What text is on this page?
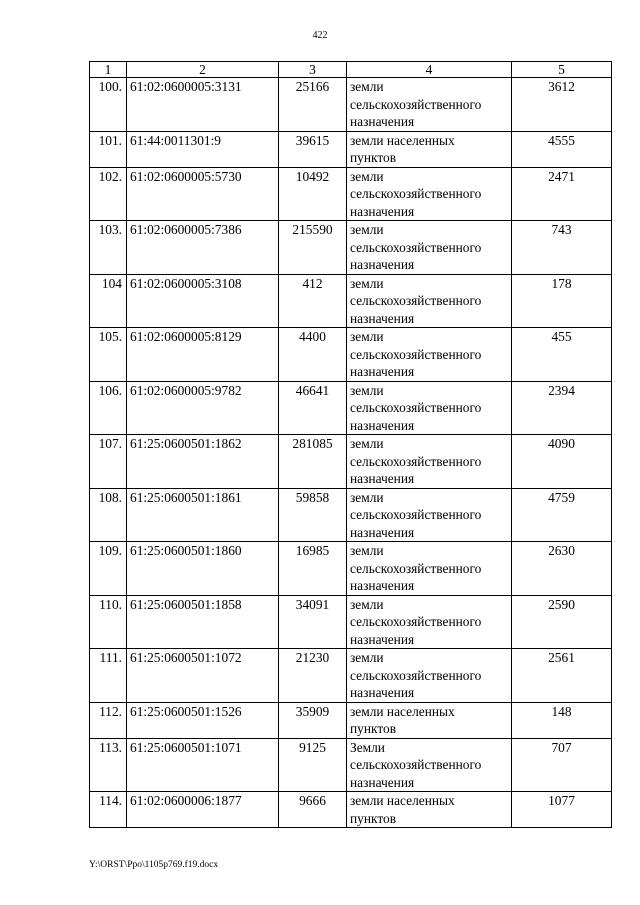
422
1	2	3	4	5
100.	61:02:0600005:3131	25166	земли
сельскохозяйственного
назначения	3612
101.	61:44:0011301:9	39615	земли населенных
пунктов	4555
102.	61:02:0600005:5730	10492	земли
сельскохозяйственного
назначения	2471
103.	61:02:0600005:7386	215590	земли
сельскохозяйственного
назначения	743
104	61:02:0600005:3108	412	земли
сельскохозяйственного
назначения	178
105.	61:02:0600005:8129	4400	земли
сельскохозяйственного
назначения	455
106.	61:02:0600005:9782	46641	земли
сельскохозяйственного
назначения	2394
107.	61:25:0600501:1862	281085	земли
сельскохозяйственного
назначения	4090
108.	61:25:0600501:1861	59858	земли
сельскохозяйственного
назначения	4759
109.	61:25:0600501:1860	16985	земли
сельскохозяйственного
назначения	2630
110.	61:25:0600501:1858	34091	земли
сельскохозяйственного
назначения	2590
111.	61:25:0600501:1072	21230	земли
сельскохозяйственного
назначения	2561
112.	61:25:0600501:1526	35909	земли населенных
пунктов	148
113.	61:25:0600501:1071	9125	Земли
сельскохозяйственного
назначения	707
114.	61:02:0600006:1877	9666	земли населенных
пунктов	1077
Y:\ORST\Ppo\1105p769.f19.docx
